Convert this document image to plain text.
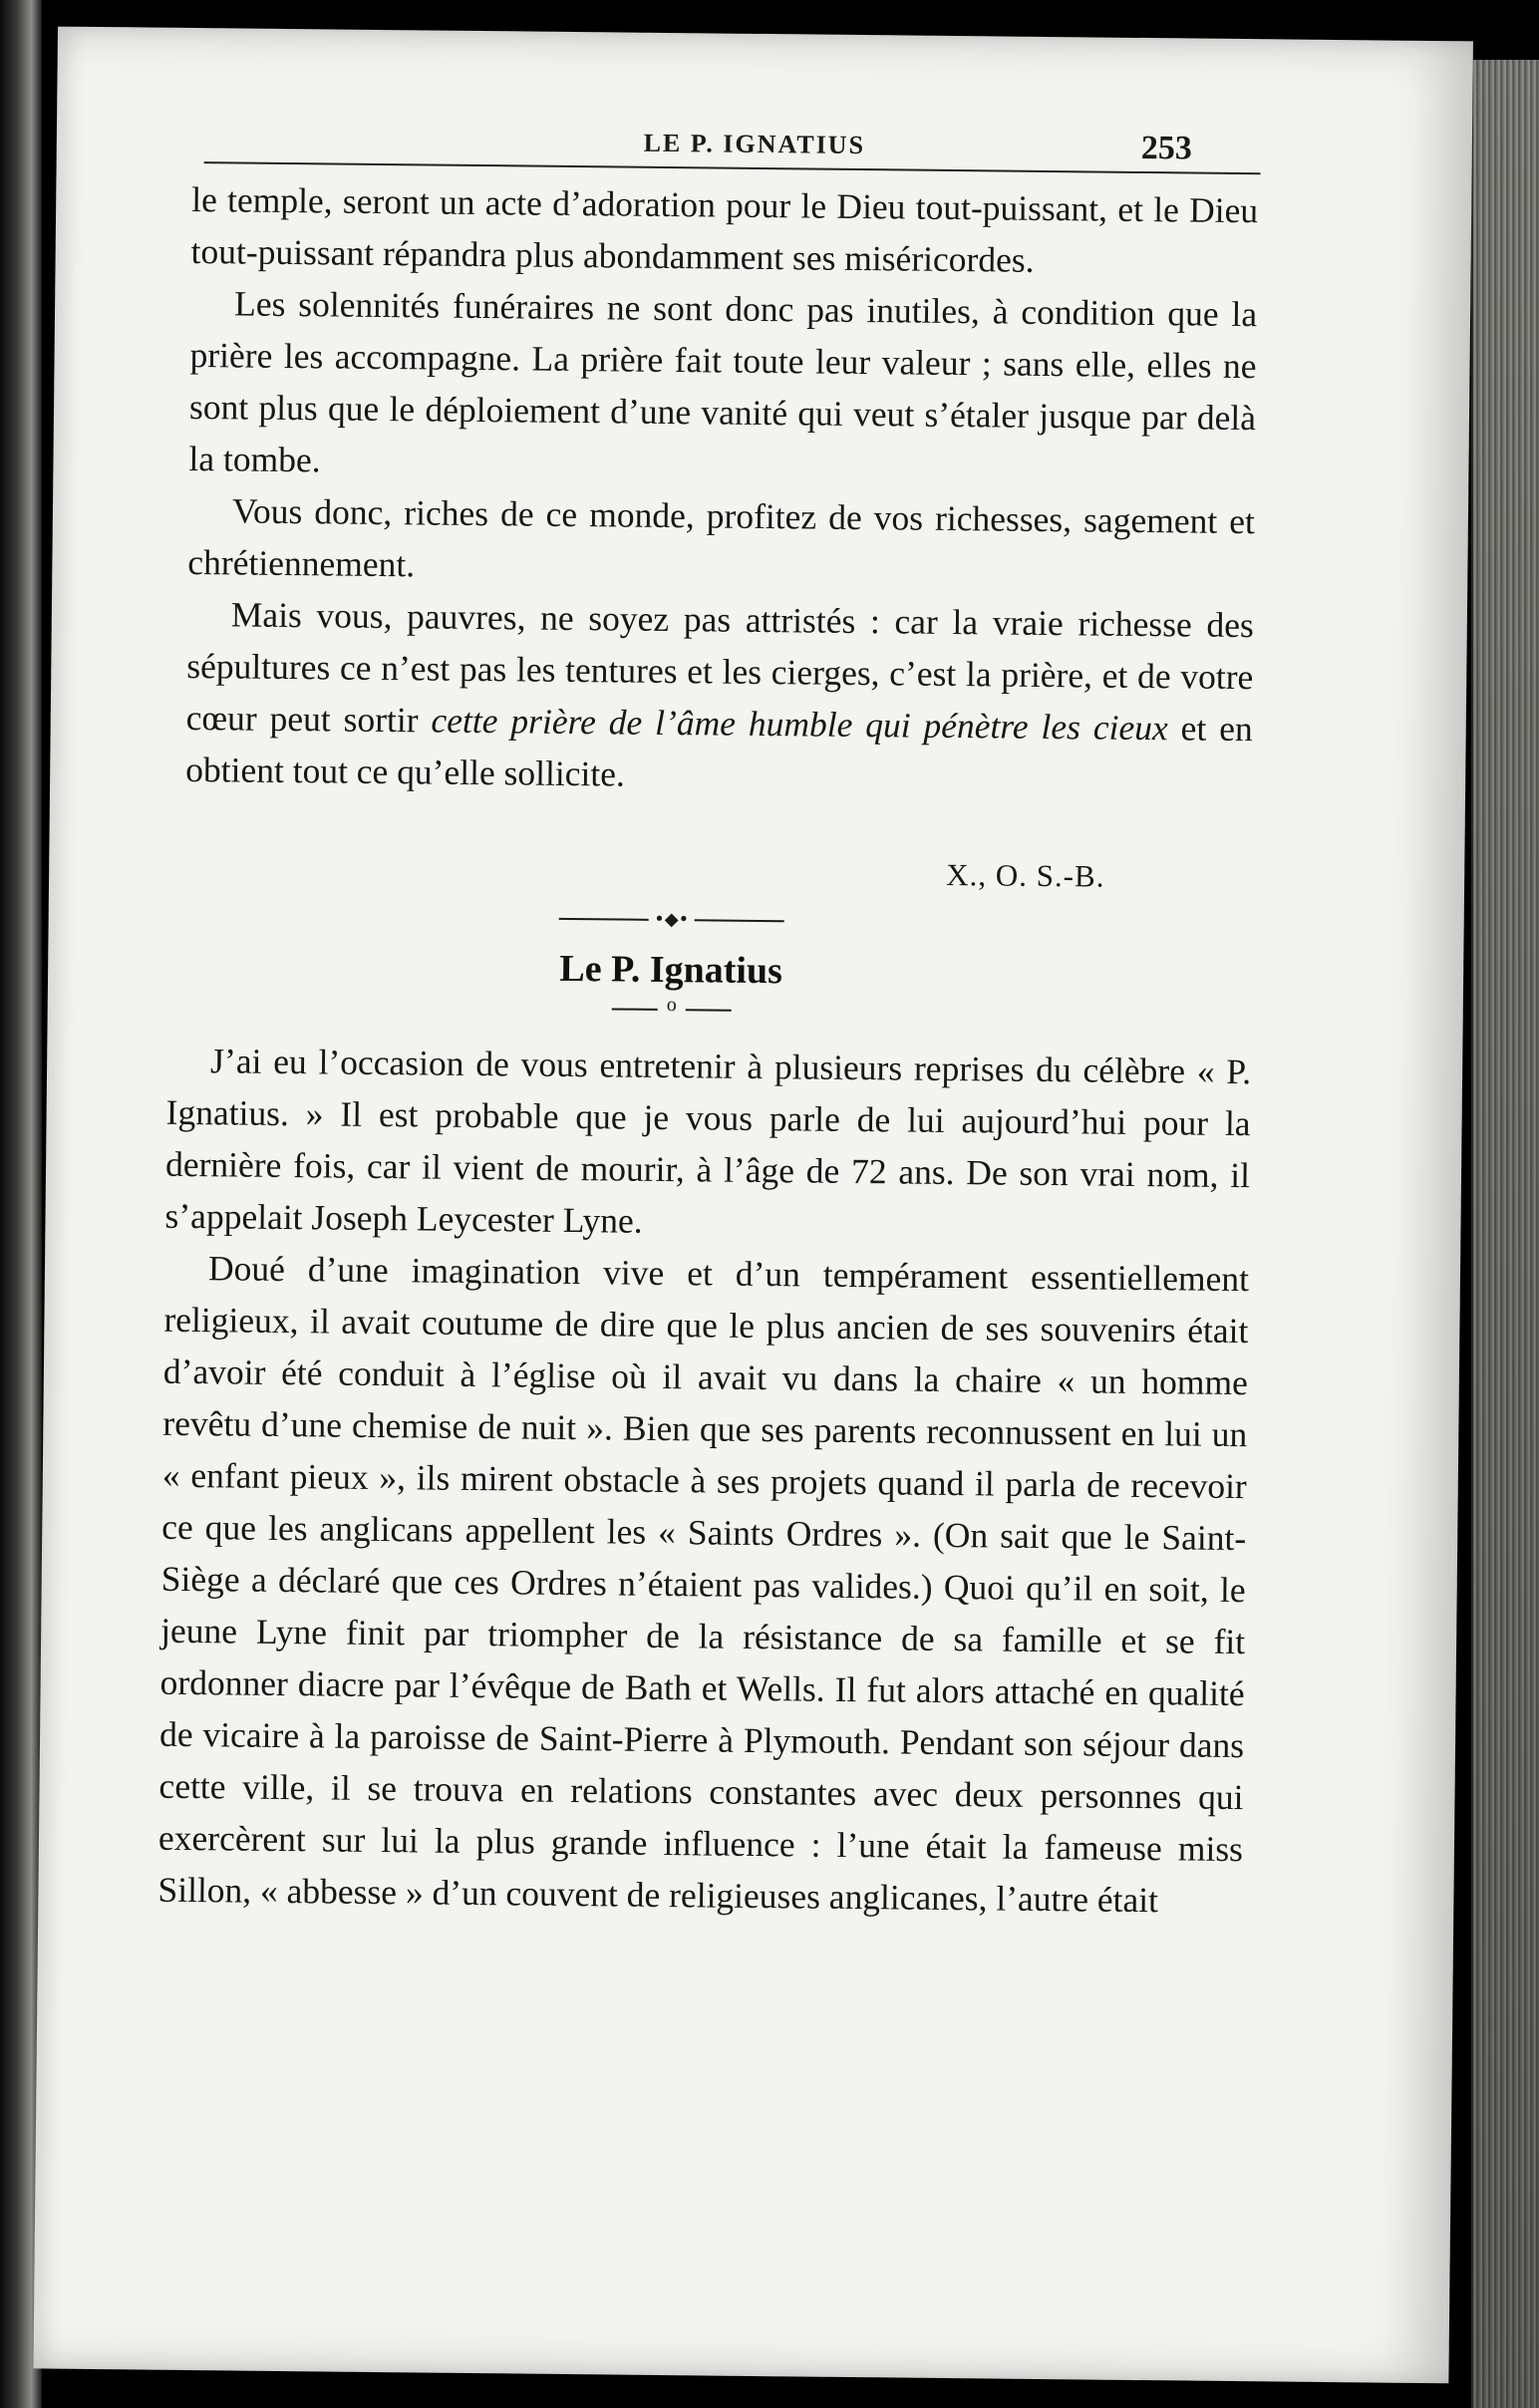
LE P. IGNATIUS	253

le temple, seront un acte d’adoration pour le Dieu tout-puissant, et le Dieu tout-puissant répandra plus abondamment ses miséricordes.

Les solennités funéraires ne sont donc pas inutiles, à condition que la prière les accompagne. La prière fait toute leur valeur ; sans elle, elles ne sont plus que le déploiement d’une vanité qui veut s’étaler jusque par delà la tombe.

Vous donc, riches de ce monde, profitez de vos richesses, sagement et chrétiennement.

Mais vous, pauvres, ne soyez pas attristés : car la vraie richesse des sépultures ce n’est pas les tentures et les cierges, c’est la prière, et de votre cœur peut sortir cette prière de l’âme humble qui pénètre les cieux et en obtient tout ce qu’elle sollicite.

X., O. S.-B.
•◆•
Le P. Ignatius
o

J’ai eu l’occasion de vous entretenir à plusieurs reprises du célèbre « P. Ignatius. » Il est probable que je vous parle de lui aujourd’hui pour la dernière fois, car il vient de mourir, à l’âge de 72 ans. De son vrai nom, il s’appelait Joseph Leycester Lyne.

Doué d’une imagination vive et d’un tempérament essentiellement religieux, il avait coutume de dire que le plus ancien de ses souvenirs était d’avoir été conduit à l’église où il avait vu dans la chaire « un homme revêtu d’une chemise de nuit ». Bien que ses parents reconnussent en lui un « enfant pieux », ils mirent obstacle à ses projets quand il parla de recevoir ce que les anglicans appellent les « Saints Ordres ». (On sait que le Saint-Siège a déclaré que ces Ordres n’étaient pas valides.) Quoi qu’il en soit, le jeune Lyne finit par triompher de la résistance de sa famille et se fit ordonner diacre par l’évêque de Bath et Wells. Il fut alors attaché en qualité de vicaire à la paroisse de Saint-Pierre à Plymouth. Pendant son séjour dans cette ville, il se trouva en relations constantes avec deux personnes qui exercèrent sur lui la plus grande influence : l’une était la fameuse miss Sillon, « abbesse » d’un couvent de religieuses anglicanes, l’autre était
